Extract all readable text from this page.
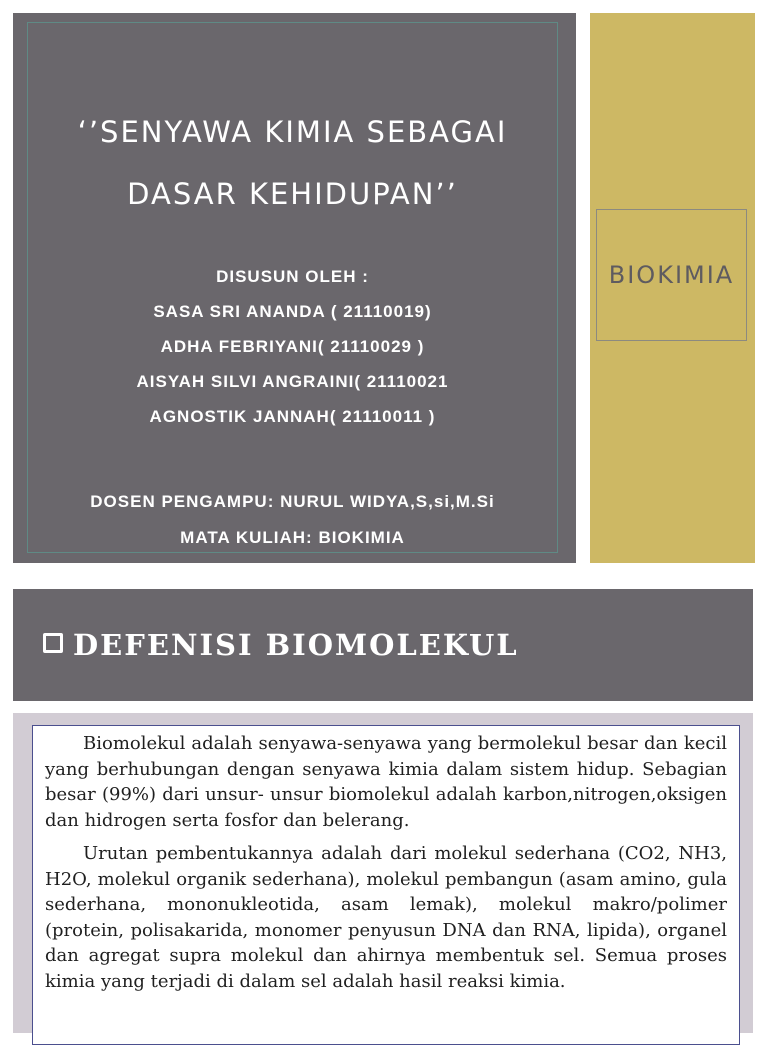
‘’SENYAWA KIMIA SEBAGAI
DASAR KEHIDUPAN’’
DISUSUN OLEH :
SASA SRI ANANDA ( 21110019)
ADHA FEBRIYANI( 21110029 )
AISYAH SILVI ANGRAINI( 21110021
AGNOSTIK JANNAH( 21110011 )
DOSEN PENGAMPU: NURUL WIDYA,S,si,M.Si
MATA KULIAH: BIOKIMIA
BIOKIMIA
DEFENISI BIOMOLEKUL

Biomolekul adalah senyawa-senyawa yang bermolekul besar dan kecil yang berhubungan dengan senyawa kimia dalam sistem hidup. Sebagian besar (99%) dari unsur- unsur biomolekul adalah karbon,nitrogen,oksigen dan hidrogen serta fosfor dan belerang.

Urutan pembentukannya adalah dari molekul sederhana (CO2, NH3, H2O, molekul organik sederhana), molekul pembangun (asam amino, gula sederhana, mononukleotida, asam lemak), molekul makro/polimer (protein, polisakarida, monomer penyusun DNA dan RNA, lipida), organel dan agregat supra molekul dan ahirnya membentuk sel. Semua proses kimia yang terjadi di dalam sel adalah hasil reaksi kimia.
